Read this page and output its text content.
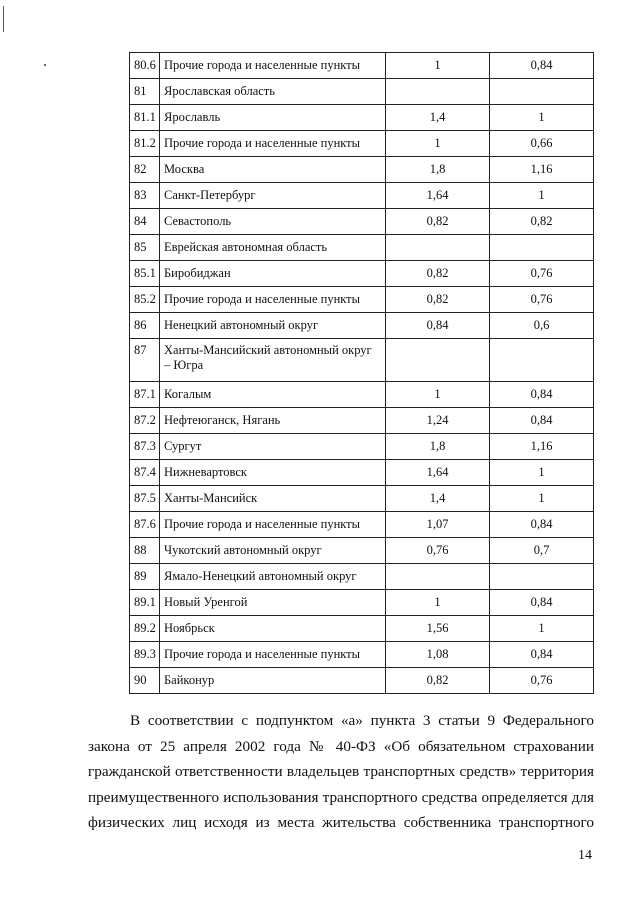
80.6	Прочие города и населенные пункты	1	0,84
81	Ярославская область		
81.1	Ярославль	1,4	1
81.2	Прочие города и населенные пункты	1	0,66
82	Москва	1,8	1,16
83	Санкт-Петербург	1,64	1
84	Севастополь	0,82	0,82
85	Еврейская автономная область		
85.1	Биробиджан	0,82	0,76
85.2	Прочие города и населенные пункты	0,82	0,76
86	Ненецкий автономный округ	0,84	0,6
87	Ханты-Мансийский автономный округ – Югра		
87.1	Когалым	1	0,84
87.2	Нефтеюганск, Нягань	1,24	0,84
87.3	Сургут	1,8	1,16
87.4	Нижневартовск	1,64	1
87.5	Ханты-Мансийск	1,4	1
87.6	Прочие города и населенные пункты	1,07	0,84
88	Чукотский автономный округ	0,76	0,7
89	Ямало-Ненецкий автономный округ		
89.1	Новый Уренгой	1	0,84
89.2	Ноябрьск	1,56	1
89.3	Прочие города и населенные пункты	1,08	0,84
90	Байконур	0,82	0,76

В соответствии с подпунктом «а» пункта 3 статьи 9 Федерального
закона от 25 апреля 2002 года № 40-ФЗ «Об обязательном страховании
гражданской ответственности владельцев транспортных средств» территория
преимущественного использования транспортного средства определяется для
физических лиц исходя из места жительства собственника транспортного

14
